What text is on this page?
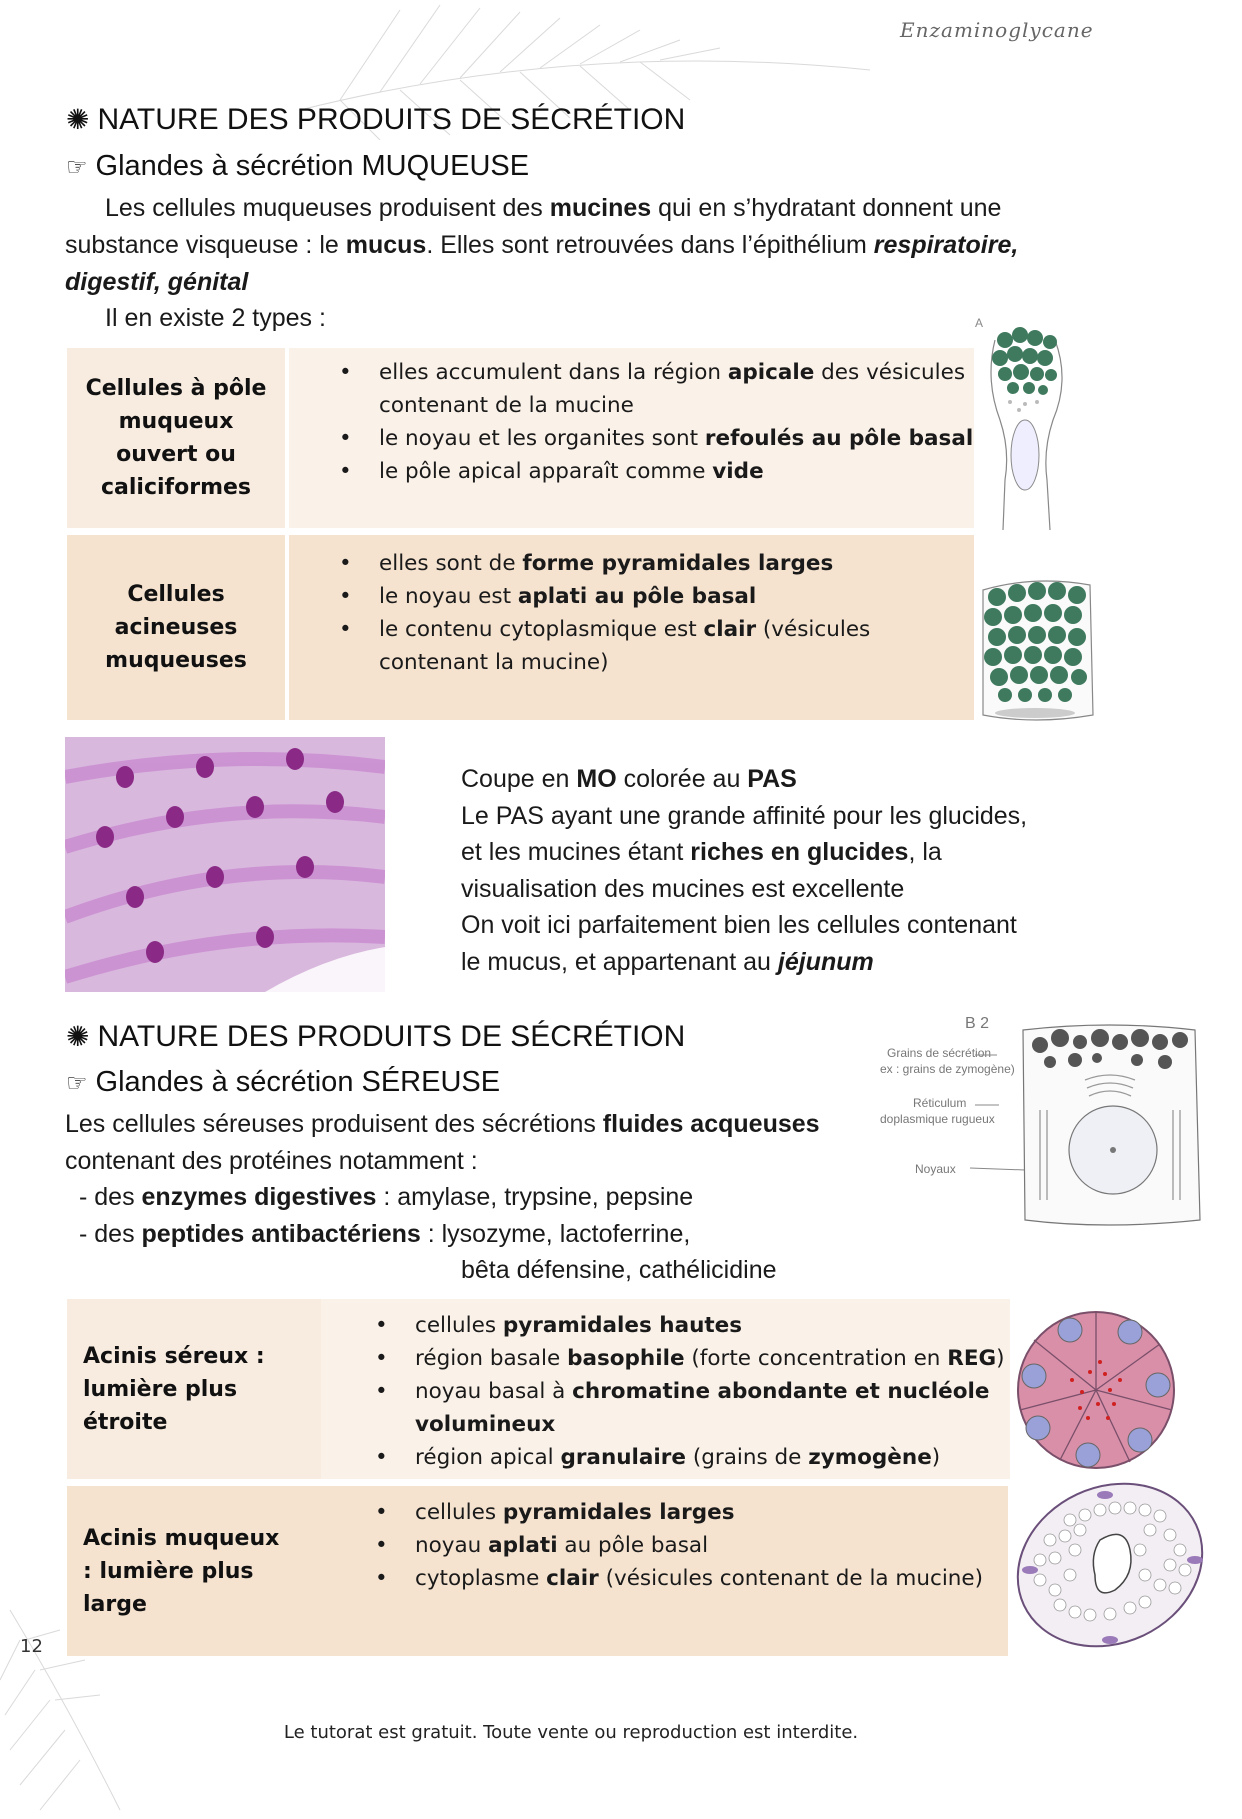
Enzaminoglycane
✺ NATURE DES PRODUITS DE SÉCRÉTION
☞ Glandes à sécrétion MUQUEUSE
Les cellules muqueuses produisent des mucines qui en s’hydratant donnent une substance visqueuse : le mucus. Elles sont retrouvées dans l’épithélium respiratoire, digestif, génital
Il en existe 2 types :
Cellules à pôle muqueux ouvert ou caliciformes
• elles accumulent dans la région apicale des vésicules contenant de la mucine
• le noyau et les organites sont refoulés au pôle basal
• le pôle apical apparaît comme vide
Cellules acineuses muqueuses
• elles sont de forme pyramidales larges
• le noyau est aplati au pôle basal
• le contenu cytoplasmique est clair (vésicules contenant la mucine)
A
Coupe en MO colorée au PAS
Le PAS ayant une grande affinité pour les glucides,
et les mucines étant riches en glucides, la
visualisation des mucines est excellente
On voit ici parfaitement bien les cellules contenant
le mucus, et appartenant au jéjunum
✺ NATURE DES PRODUITS DE SÉCRÉTION
☞ Glandes à sécrétion SÉREUSE
Les cellules séreuses produisent des sécrétions fluides acqueuses
contenant des protéines notamment :
- des enzymes digestives : amylase, trypsine, pepsine
- des peptides antibactériens : lysozyme, lactoferrine,
bêta défensine, cathélicidine
B 2
Grains de sécrétion
ex : grains de zymogène)
Réticulum
doplasmique rugueux
Noyaux
Acinis séreux : lumière plus étroite
• cellules pyramidales hautes
• région basale basophile (forte concentration en REG)
• noyau basal à chromatine abondante et nucléole volumineux
• région apical granulaire (grains de zymogène)
Acinis muqueux : lumière plus large
• cellules pyramidales larges
• noyau aplati au pôle basal
• cytoplasme clair (vésicules contenant de la mucine)
12
Le tutorat est gratuit. Toute vente ou reproduction est interdite.
